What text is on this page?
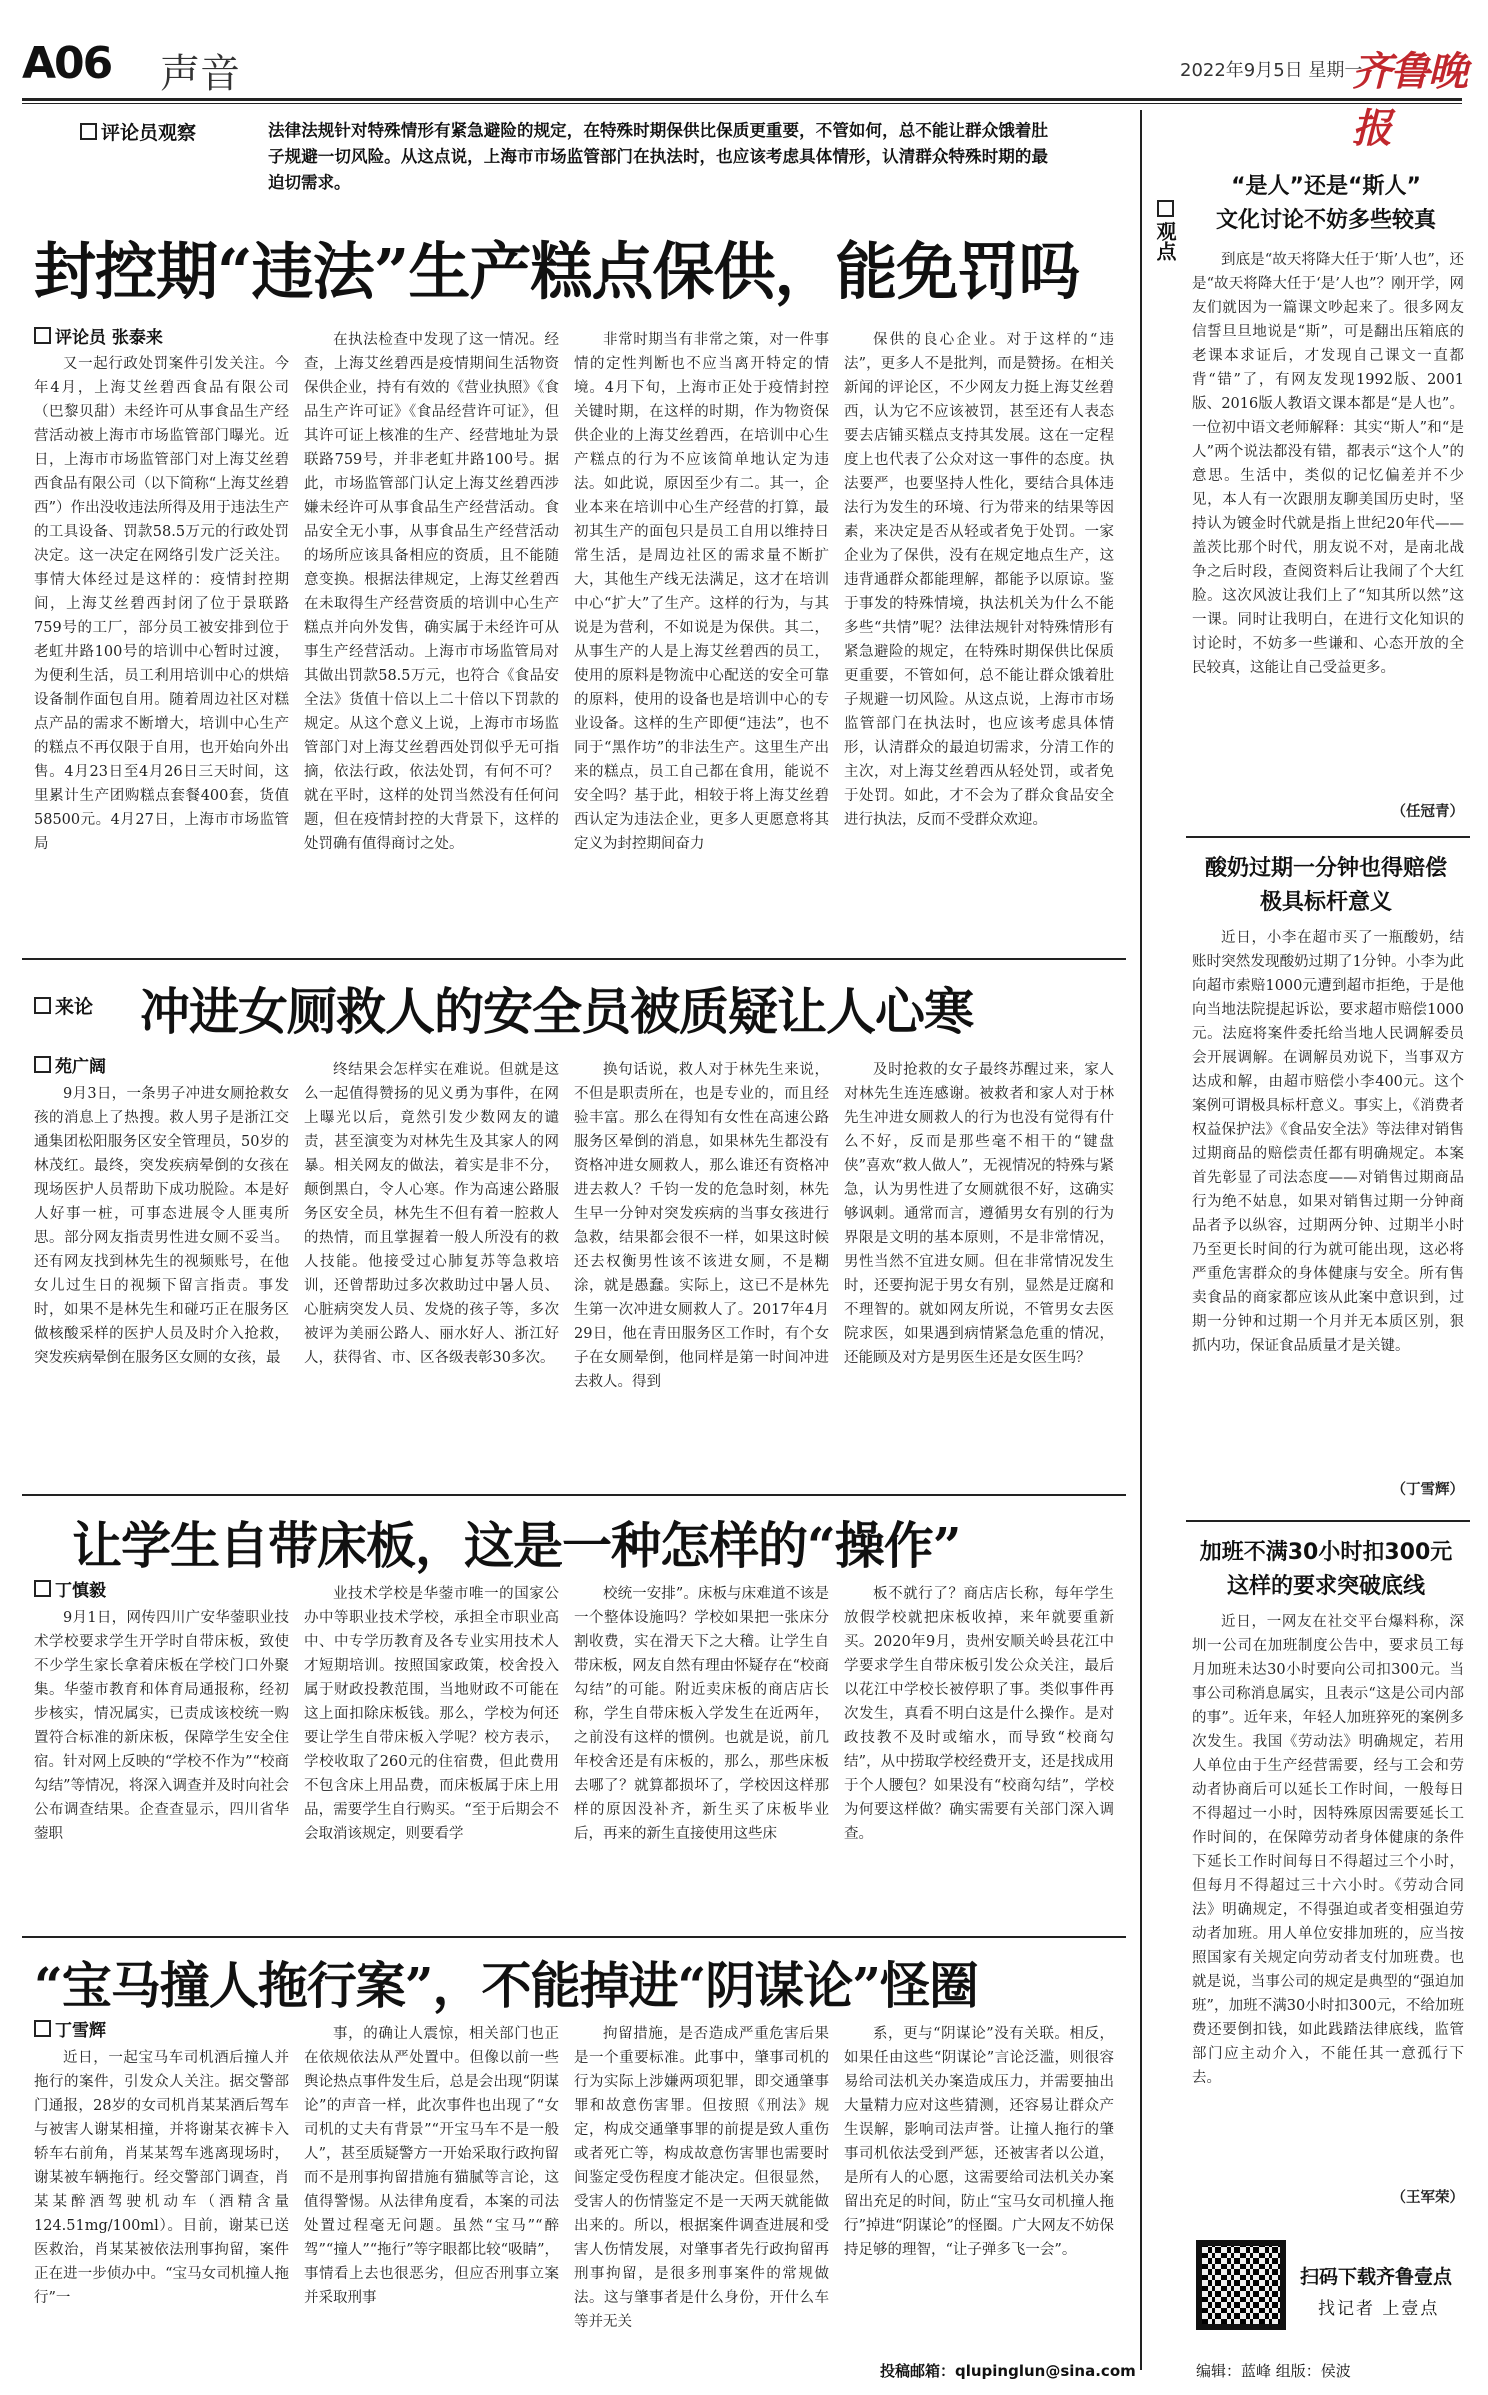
A06 声音	2022年9月5日 星期一
齐鲁晚报
评论员观察	法律法规针对特殊情形有紧急避险的规定，在特殊时期保供比保质更重要，不管如何，总不能让群众饿着肚子规避一切风险。从这点说，上海市市场监管部门在执法时，也应该考虑具体情形，认清群众特殊时期的最迫切需求。
封控期“违法”生产糕点保供，能免罚吗
评论员 张泰来

又一起行政处罚案件引发关注。今年4月，上海艾丝碧西食品有限公司（巴黎贝甜）未经许可从事食品生产经营活动被上海市市场监管部门曝光。近日，上海市市场监管部门对上海艾丝碧西食品有限公司（以下简称“上海艾丝碧西”）作出没收违法所得及用于违法生产的工具设备、罚款58.5万元的行政处罚决定。这一决定在网络引发广泛关注。事情大体经过是这样的：疫情封控期间，上海艾丝碧西封闭了位于景联路759号的工厂，部分员工被安排到位于老虹井路100号的培训中心暂时过渡，为便利生活，员工利用培训中心的烘焙设备制作面包自用。随着周边社区对糕点产品的需求不断增大，培训中心生产的糕点不再仅限于自用，也开始向外出售。4月23日至4月26日三天时间，这里累计生产团购糕点套餐400套，货值58500元。4月27日，上海市市场监管局

在执法检查中发现了这一情况。经查，上海艾丝碧西是疫情期间生活物资保供企业，持有有效的《营业执照》《食品生产许可证》《食品经营许可证》，但其许可证上核准的生产、经营地址为景联路759号，并非老虹井路100号。据此，市场监管部门认定上海艾丝碧西涉嫌未经许可从事食品生产经营活动。食品安全无小事，从事食品生产经营活动的场所应该具备相应的资质，且不能随意变换。根据法律规定，上海艾丝碧西在未取得生产经营资质的培训中心生产糕点并向外发售，确实属于未经许可从事生产经营活动。上海市市场监管局对其做出罚款58.5万元，也符合《食品安全法》货值十倍以上二十倍以下罚款的规定。从这个意义上说，上海市市场监管部门对上海艾丝碧西处罚似乎无可指摘，依法行政，依法处罚，有何不可？就在平时，这样的处罚当然没有任何问题，但在疫情封控的大背景下，这样的处罚确有值得商讨之处。

非常时期当有非常之策，对一件事情的定性判断也不应当离开特定的情境。4月下旬，上海市正处于疫情封控关键时期，在这样的时期，作为物资保供企业的上海艾丝碧西，在培训中心生产糕点的行为不应该简单地认定为违法。如此说，原因至少有二。其一，企业本来在培训中心生产经营的打算，最初其生产的面包只是员工自用以维持日常生活，是周边社区的需求量不断扩大，其他生产线无法满足，这才在培训中心“扩大”了生产。这样的行为，与其说是为营利，不如说是为保供。其二，从事生产的人是上海艾丝碧西的员工，使用的原料是物流中心配送的安全可靠的原料，使用的设备也是培训中心的专业设备。这样的生产即便“违法”，也不同于“黑作坊”的非法生产。这里生产出来的糕点，员工自己都在食用，能说不安全吗？基于此，相较于将上海艾丝碧西认定为违法企业，更多人更愿意将其定义为封控期间奋力

保供的良心企业。对于这样的“违法”，更多人不是批判，而是赞扬。在相关新闻的评论区，不少网友力挺上海艾丝碧西，认为它不应该被罚，甚至还有人表态要去店铺买糕点支持其发展。这在一定程度上也代表了公众对这一事件的态度。执法要严，也要坚持人性化，要结合具体违法行为发生的环境、行为带来的结果等因素，来决定是否从轻或者免于处罚。一家企业为了保供，没有在规定地点生产，这违背通群众都能理解，都能予以原谅。鉴于事发的特殊情境，执法机关为什么不能多些“共情”呢？法律法规针对特殊情形有紧急避险的规定，在特殊时期保供比保质更重要，不管如何，总不能让群众饿着肚子规避一切风险。从这点说，上海市市场监管部门在执法时，也应该考虑具体情形，认清群众的最迫切需求，分清工作的主次，对上海艾丝碧西从轻处罚，或者免于处罚。如此，才不会为了群众食品安全进行执法，反而不受群众欢迎。

来论 冲进女厕救人的安全员被质疑让人心寒
苑广阔

9月3日，一条男子冲进女厕抢救女孩的消息上了热搜。救人男子是浙江交通集团松阳服务区安全管理员，50岁的林茂红。最终，突发疾病晕倒的女孩在现场医护人员帮助下成功脱险。本是好人好事一桩，可事态进展令人匪夷所思。部分网友指责男性进女厕不妥当。还有网友找到林先生的视频账号，在他女儿过生日的视频下留言指责。事发时，如果不是林先生和碰巧正在服务区做核酸采样的医护人员及时介入抢救，突发疾病晕倒在服务区女厕的女孩，最

终结果会怎样实在难说。但就是这么一起值得赞扬的见义勇为事件，在网上曝光以后，竟然引发少数网友的谴责，甚至演变为对林先生及其家人的网暴。相关网友的做法，着实是非不分，颠倒黑白，令人心寒。作为高速公路服务区安全员，林先生不但有着一腔救人的热情，而且掌握着一般人所没有的救人技能。他接受过心肺复苏等急救培训，还曾帮助过多次救助过中暑人员、心脏病突发人员、发烧的孩子等，多次被评为美丽公路人、丽水好人、浙江好人，获得省、市、区各级表彰30多次。

换句话说，救人对于林先生来说，不但是职责所在，也是专业的，而且经验丰富。那么在得知有女性在高速公路服务区晕倒的消息，如果林先生都没有资格冲进女厕救人，那么谁还有资格冲进去救人？千钧一发的危急时刻，林先生早一分钟对突发疾病的当事女孩进行急救，结果都会很不一样，如果这时候还去权衡男性该不该进女厕，不是糊涂，就是愚蠢。实际上，这已不是林先生第一次冲进女厕救人了。2017年4月29日，他在青田服务区工作时，有个女子在女厕晕倒，他同样是第一时间冲进去救人。得到

及时抢救的女子最终苏醒过来，家人对林先生连连感谢。被救者和家人对于林先生冲进女厕救人的行为也没有觉得有什么不好，反而是那些毫不相干的“键盘侠”喜欢“救人做人”，无视情况的特殊与紧急，认为男性进了女厕就很不好，这确实够讽刺。通常而言，遵循男女有别的行为界限是文明的基本原则，不是非常情况，男性当然不宜进女厕。但在非常情况发生时，还要拘泥于男女有别，显然是迂腐和不理智的。就如网友所说，不管男女去医院求医，如果遇到病情紧急危重的情况，还能顾及对方是男医生还是女医生吗？

让学生自带床板，这是一种怎样的“操作”
丁慎毅

9月1日，网传四川广安华蓥职业技术学校要求学生开学时自带床板，致使不少学生家长拿着床板在学校门口外聚集。华蓥市教育和体育局通报称，经初步核实，情况属实，已责成该校统一购置符合标准的新床板，保障学生安全住宿。针对网上反映的“学校不作为”“校商勾结”等情况，将深入调查并及时向社会公布调查结果。企查查显示，四川省华蓥职

业技术学校是华蓥市唯一的国家公办中等职业技术学校，承担全市职业高中、中专学历教育及各专业实用技术人才短期培训。按照国家政策，校舍投入属于财政投教范围，当地财政不可能在这上面扣除床板钱。那么，学校为何还要让学生自带床板入学呢？校方表示，学校收取了260元的住宿费，但此费用不包含床上用品费，而床板属于床上用品，需要学生自行购买。“至于后期会不会取消该规定，则要看学

校统一安排”。床板与床难道不该是一个整体设施吗？学校如果把一张床分割收费，实在滑天下之大稽。让学生自带床板，网友自然有理由怀疑存在“校商勾结”的可能。附近卖床板的商店店长称，学生自带床板入学发生在近两年，之前没有这样的惯例。也就是说，前几年校舍还是有床板的，那么，那些床板去哪了？就算都损坏了，学校因这样那样的原因没补齐，新生买了床板毕业后，再来的新生直接使用这些床

板不就行了？商店店长称，每年学生放假学校就把床板收掉，来年就要重新买。2020年9月，贵州安顺关岭县花江中学要求学生自带床板引发公众关注，最后以花江中学校长被停职了事。类似事件再次发生，真看不明白这是什么操作。是对政技教不及时或缩水，而导致“校商勾结”，从中捞取学校经费开支，还是找成用于个人腰包？如果没有“校商勾结”，学校为何要这样做？确实需要有关部门深入调查。

“宝马撞人拖行案”，不能掉进“阴谋论”怪圈
丁雪辉

近日，一起宝马车司机酒后撞人并拖行的案件，引发众人关注。据交警部门通报，28岁的女司机肖某某酒后驾车与被害人谢某相撞，并将谢某衣裤卡入轿车右前角，肖某某驾车逃离现场时，谢某被车辆拖行。经交警部门调查，肖某某醉酒驾驶机动车（酒精含量124.51mg/100ml）。目前，谢某已送医救治，肖某某被依法刑事拘留，案件正在进一步侦办中。“宝马女司机撞人拖行”一

事，的确让人震惊，相关部门也正在依规依法从严处置中。但像以前一些舆论热点事件发生后，总是会出现“阴谋论”的声音一样，此次事件也出现了“女司机的丈夫有背景”“开宝马车不是一般人”，甚至质疑警方一开始采取行政拘留而不是刑事拘留措施有猫腻等言论，这值得警惕。从法律角度看，本案的司法处置过程毫无问题。虽然“宝马”“醉驾”“撞人”“拖行”等字眼都比较“吸睛”，事情看上去也很恶劣，但应否刑事立案并采取刑事

拘留措施，是否造成严重危害后果是一个重要标准。此事中，肇事司机的行为实际上涉嫌两项犯罪，即交通肇事罪和故意伤害罪。但按照《刑法》规定，构成交通肇事罪的前提是致人重伤或者死亡等，构成故意伤害罪也需要时间鉴定受伤程度才能决定。但很显然，受害人的伤情鉴定不是一天两天就能做出来的。所以，根据案件调查进展和受害人伤情发展，对肇事者先行政拘留再刑事拘留，是很多刑事案件的常规做法。这与肇事者是什么身份，开什么车等并无关

系，更与“阴谋论”没有关联。相反，如果任由这些“阴谋论”言论泛滥，则很容易给司法机关办案造成压力，并需要抽出大量精力应对这些猜测，还容易让群众产生误解，影响司法声誉。让撞人拖行的肇事司机依法受到严惩，还被害者以公道，是所有人的心愿，这需要给司法机关办案留出充足的时间，防止“宝马女司机撞人拖行”掉进“阴谋论”的怪圈。广大网友不妨保持足够的理智，“让子弹多飞一会”。

投稿邮箱：qlupinglun@sina.com
观点
“是人”还是“斯人”
文化讨论不妨多些较真

到底是“故天将降大任于‘斯’人也”，还是“故天将降大任于‘是’人也”？刚开学，网友们就因为一篇课文吵起来了。很多网友信誓旦旦地说是“斯”，可是翻出压箱底的老课本求证后，才发现自己课文一直都背“错”了，有网友发现1992版、2001版、2016版人教语文课本都是“是人也”。一位初中语文老师解释：其实“斯人”和“是人”两个说法都没有错，都表示“这个人”的意思。生活中，类似的记忆偏差并不少见，本人有一次跟朋友聊美国历史时，坚持认为镀金时代就是指上世纪20年代——盖茨比那个时代，朋友说不对，是南北战争之后时段，查阅资料后让我闹了个大红脸。这次风波让我们上了“知其所以然”这一课。同时让我明白，在进行文化知识的讨论时，不妨多一些谦和、心态开放的全民较真，这能让自己受益更多。

（任冠青）
酸奶过期一分钟也得赔偿
极具标杆意义

近日，小李在超市买了一瓶酸奶，结账时突然发现酸奶过期了1分钟。小李为此向超市索赔1000元遭到超市拒绝，于是他向当地法院提起诉讼，要求超市赔偿1000元。法庭将案件委托给当地人民调解委员会开展调解。在调解员劝说下，当事双方达成和解，由超市赔偿小李400元。这个案例可谓极具标杆意义。事实上，《消费者权益保护法》《食品安全法》等法律对销售过期商品的赔偿责任都有明确规定。本案首先彰显了司法态度——对销售过期商品行为绝不姑息，如果对销售过期一分钟商品者予以纵容，过期两分钟、过期半小时乃至更长时间的行为就可能出现，这必将严重危害群众的身体健康与安全。所有售卖食品的商家都应该从此案中意识到，过期一分钟和过期一个月并无本质区别，狠抓内功，保证食品质量才是关键。

（丁雪辉）
加班不满30小时扣300元
这样的要求突破底线

近日，一网友在社交平台爆料称，深圳一公司在加班制度公告中，要求员工每月加班未达30小时要向公司扣300元。当事公司称消息属实，且表示“这是公司内部的事”。近年来，年轻人加班猝死的案例多次发生。我国《劳动法》明确规定，若用人单位由于生产经营需要，经与工会和劳动者协商后可以延长工作时间，一般每日不得超过一小时，因特殊原因需要延长工作时间的，在保障劳动者身体健康的条件下延长工作时间每日不得超过三个小时，但每月不得超过三十六小时。《劳动合同法》明确规定，不得强迫或者变相强迫劳动者加班。用人单位安排加班的，应当按照国家有关规定向劳动者支付加班费。也就是说，当事公司的规定是典型的“强迫加班”，加班不满30小时扣300元，不给加班费还要倒扣钱，如此践踏法律底线，监管部门应主动介入，不能任其一意孤行下去。

（王军荣）
扫码下载齐鲁壹点
找记者 上壹点
编辑：蓝峰 组版：侯波
